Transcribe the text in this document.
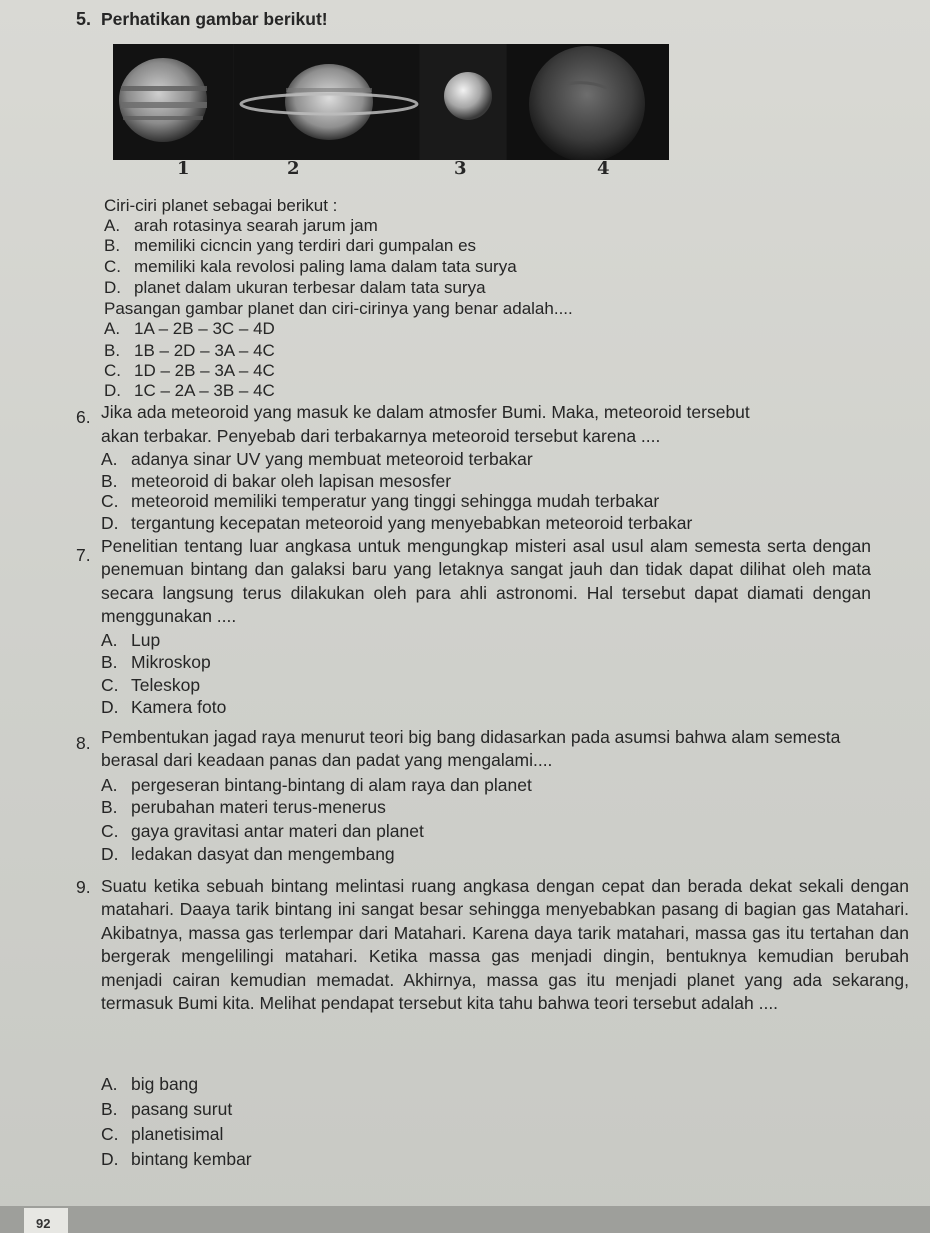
5. Perhatikan gambar berikut!
1	2	3	4
Ciri-ciri planet sebagai berikut :
A. arah rotasinya searah jarum jam
B. memiliki cicncin yang terdiri dari gumpalan es
C. memiliki kala revolosi paling lama dalam tata surya
D. planet dalam ukuran terbesar dalam tata surya
Pasangan gambar planet dan ciri-cirinya yang benar adalah....
A. 1A – 2B – 3C – 4D
B. 1B – 2D – 3A – 4C
C. 1D – 2B – 3A – 4C
D. 1C – 2A – 3B – 4C
6. Jika ada meteoroid yang masuk ke dalam atmosfer Bumi. Maka, meteoroid tersebut
akan terbakar. Penyebab dari terbakarnya meteoroid tersebut karena ....
A. adanya sinar UV yang membuat meteoroid terbakar
B. meteoroid di bakar oleh lapisan mesosfer
C. meteoroid memiliki temperatur yang tinggi sehingga mudah terbakar
D. tergantung kecepatan meteoroid yang menyebabkan meteoroid terbakar
7. Penelitian tentang luar angkasa untuk mengungkap misteri asal usul alam semesta serta dengan penemuan bintang dan galaksi baru yang letaknya sangat jauh dan tidak dapat dilihat oleh mata secara langsung terus dilakukan oleh para ahli astronomi. Hal tersebut dapat diamati dengan menggunakan ....
A. Lup
B. Mikroskop
C. Teleskop
D. Kamera foto
8. Pembentukan jagad raya menurut teori big bang didasarkan pada asumsi bahwa alam semesta berasal dari keadaan panas dan padat yang mengalami....
A. pergeseran bintang-bintang di alam raya dan planet
B. perubahan materi terus-menerus
C. gaya gravitasi antar materi dan planet
D. ledakan dasyat dan mengembang
9. Suatu ketika sebuah bintang melintasi ruang angkasa dengan cepat dan berada dekat sekali dengan matahari. Daaya tarik bintang ini sangat besar sehingga menyebabkan pasang di bagian gas Matahari. Akibatnya, massa gas terlempar dari Matahari. Karena daya tarik matahari, massa gas itu tertahan dan bergerak mengelilingi matahari. Ketika massa gas menjadi dingin, bentuknya kemudian berubah menjadi cairan kemudian memadat. Akhirnya, massa gas itu menjadi planet yang ada sekarang, termasuk Bumi kita. Melihat pendapat tersebut kita tahu bahwa teori tersebut adalah ....
A. big bang
B. pasang surut
C. planetisimal
D. bintang kembar
92
